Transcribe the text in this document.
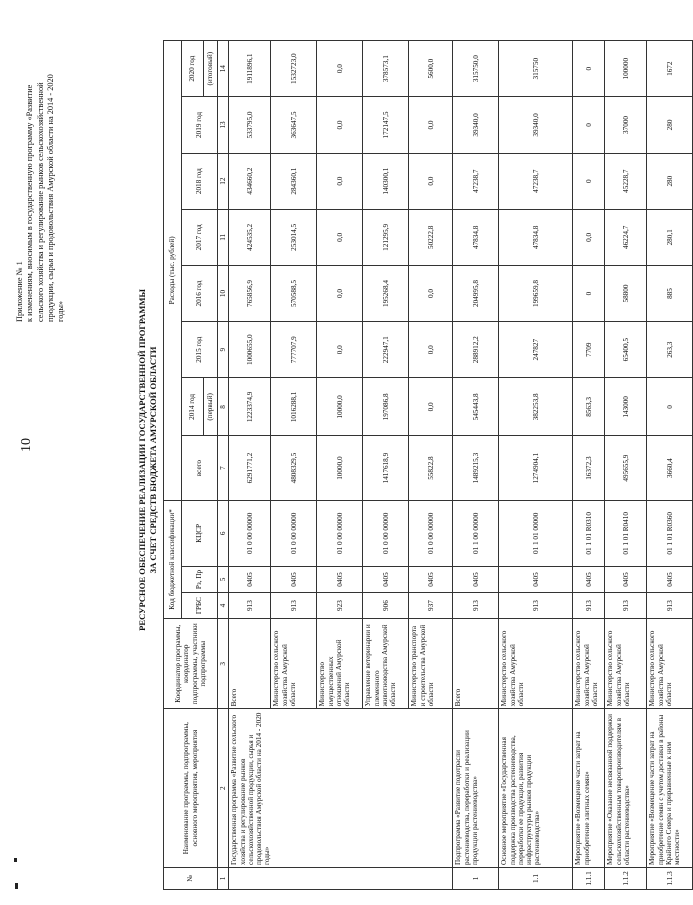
10
Приложение № 1 к изменениям, вносимым в государственную программу «Развитие сельского хозяйства и регулирование рынков сельскохозяйственной продукции, сырья и продовольствия Амурской области на 2014 - 2020 годы»	РЕСУРСНОЕ ОБЕСПЕЧЕНИЕ РЕАЛИЗАЦИИ ГОСУДАРСТВЕННОЙ ПРОГРАММЫ ЗА СЧЕТ СРЕДСТВ БЮДЖЕТА АМУРСКОЙ ОБЛАСТИ
№	Наименование программы, подпрограммы, основного мероприятия, мероприятия	Координатор программы, координатор подпрограммы, участники подпрограммы	Код бюджетной классификации*			Расходы (тыс. рублей)							
			ГРБС	Рз, Пр	КЦСР	всего	2014 год	2015 год	2016 год	2017 год	2018 год	2019 год	2020 год
							(первый)						(итоговый)
1	2	3	4	5	6	7	8	9	10	11	12	13	14
	Государственная программа «Развитие сельского хозяйства и регулирование рынков сельскохозяйственной продукции, сырья и продовольствия Амурской области на 2014 - 2020 годы»	Всего	913	0405	01 0 00 00000	6291771,2	1223374,9	1000655,0	765856,9	424535,2	434660,2	533795,0	1911896,1
		Министерство сельского хозяйства Амурской области	913	0405	01 0 00 00000	4808329,5	1016288,1	777707,9	570588,5	253014,5	284360,1	363647,5	1532723,0
		Министерство имущественных отношений Амурской области	923	0405	01 0 00 00000	10000,0	10000,0	0,0	0,0	0,0	0,0	0,0	0,0
		Управление ветеринарии и племенного животноводства Амурской области	906	0405	01 0 00 00000	1417618,9	197086,8	222947,1	195268,4	121295,9	140300,1	172147,5	378573,1
		Министерство транспорта и строительства Амурской области	937	0405	01 0 00 00000	55822,8	0,0	0,0	0,0	50222,8	0,0	0,0	5600,0
1	Подпрограмма «Развитие подотрасли растениеводства, переработки и реализации продукции растениеводства»	Всего	913	0405	01 1 00 00000	1489215,3	545443,8	288912,2	204995,8	47834,8	47238,7	39340,0	315750,0
1.1	Основное мероприятие «Государственная поддержка производства растениеводства, переработки ее продукции, развития инфраструктуры рынков продукции растениеводства»	Министерство сельского хозяйства Амурской области	913	0405	01 1 01 00000	1274904,1	382253,8	247827	199659,8	47834,8	47238,7	39340,0	315750
1.1.1	Мероприятие «Возмещение части затрат на приобретение элитных семян»	Министерство сельского хозяйства Амурской области	913	0405	01 1 01 R0310	16372,3	8563,3	7709	0	0,0	0	0	0
1.1.2	Мероприятие «Оказание несвязанной поддержки сельскохозяйственным товаропроизводителям в области растениеводства»	Министерство сельского хозяйства Амурской области	913	0405	01 1 01 R0410	495655,9	143000	65400,5	58800	46224,7	45228,7	37000	100000
1.1.3	Мероприятие «Возмещение части затрат на приобретение семян с учетом доставки в районы Крайнего Севера и приравненные к ним местности»	Министерство сельского хозяйства Амурской области	913	0405	01 1 01 R0360	3660,4	0	263,3	885	280,1	280	280	1672
